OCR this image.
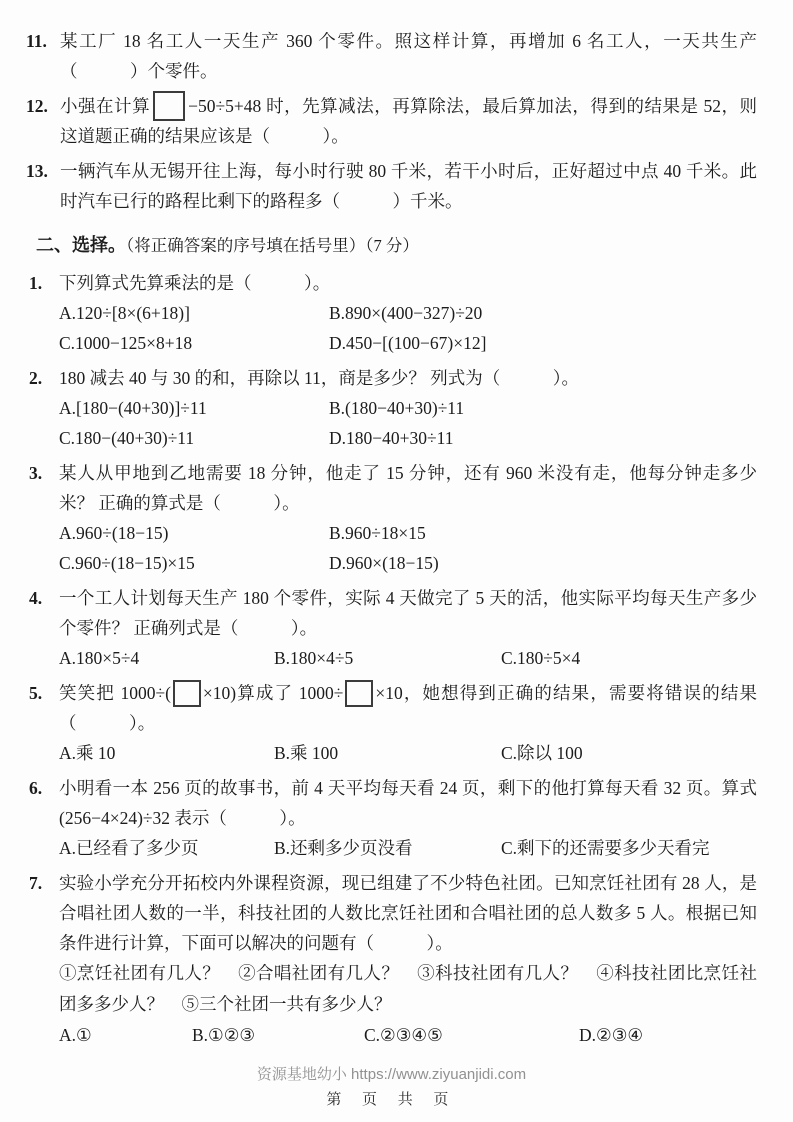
11. 某工厂 18 名工人一天生产 360 个零件。照这样计算，再增加 6 名工人，一天共生产（　　　）个零件。
12. 小强在计算 −50÷5+48 时，先算减法，再算除法，最后算加法，得到的结果是 52，则这道题正确的结果应该是（　　　）。
13. 一辆汽车从无锡开往上海，每小时行驶 80 千米，若干小时后，正好超过中点 40 千米。此时汽车已行的路程比剩下的路程多（　　　）千米。
二、选择。（将正确答案的序号填在括号里）（7 分）
1. 下列算式先算乘法的是（　　　）。
A.120÷[8×(6+18)]	B.890×(400−327)÷20
C.1000−125×8+18	D.450−[(100−67)×12]
2. 180 减去 40 与 30 的和，再除以 11，商是多少？ 列式为（　　　）。
A.[180−(40+30)]÷11	B.(180−40+30)÷11
C.180−(40+30)÷11	D.180−40+30÷11
3. 某人从甲地到乙地需要 18 分钟，他走了 15 分钟，还有 960 米没有走，他每分钟走多少米？ 正确的算式是（　　　）。
A.960÷(18−15)	B.960÷18×15
C.960÷(18−15)×15	D.960×(18−15)
4. 一个工人计划每天生产 180 个零件，实际 4 天做完了 5 天的活，他实际平均每天生产多少个零件？ 正确列式是（　　　）。
A.180×5÷4	B.180×4÷5	C.180÷5×4
5. 笑笑把 1000÷( ×10)算成了 1000÷ ×10，她想得到正确的结果，需要将错误的结果（　　　）。
A.乘 10	B.乘 100	C.除以 100
6. 小明看一本 256 页的故事书，前 4 天平均每天看 24 页，剩下的他打算每天看 32 页。算式(256−4×24)÷32 表示（　　　）。
A.已经看了多少页	B.还剩多少页没看	C.剩下的还需要多少天看完
7. 实验小学充分开拓校内外课程资源，现已组建了不少特色社团。已知烹饪社团有 28 人，是合唱社团人数的一半，科技社团的人数比烹饪社团和合唱社团的总人数多 5 人。根据已知条件进行计算，下面可以解决的问题有（　　　）。
①烹饪社团有几人？　②合唱社团有几人？　③科技社团有几人？　④科技社团比烹饪社团多多少人？　⑤三个社团一共有多少人？
A.①	B.①②③	C.②③④⑤	D.②③④
资源基地幼小 https://www.ziyuanjidi.com
第 页 共 页
